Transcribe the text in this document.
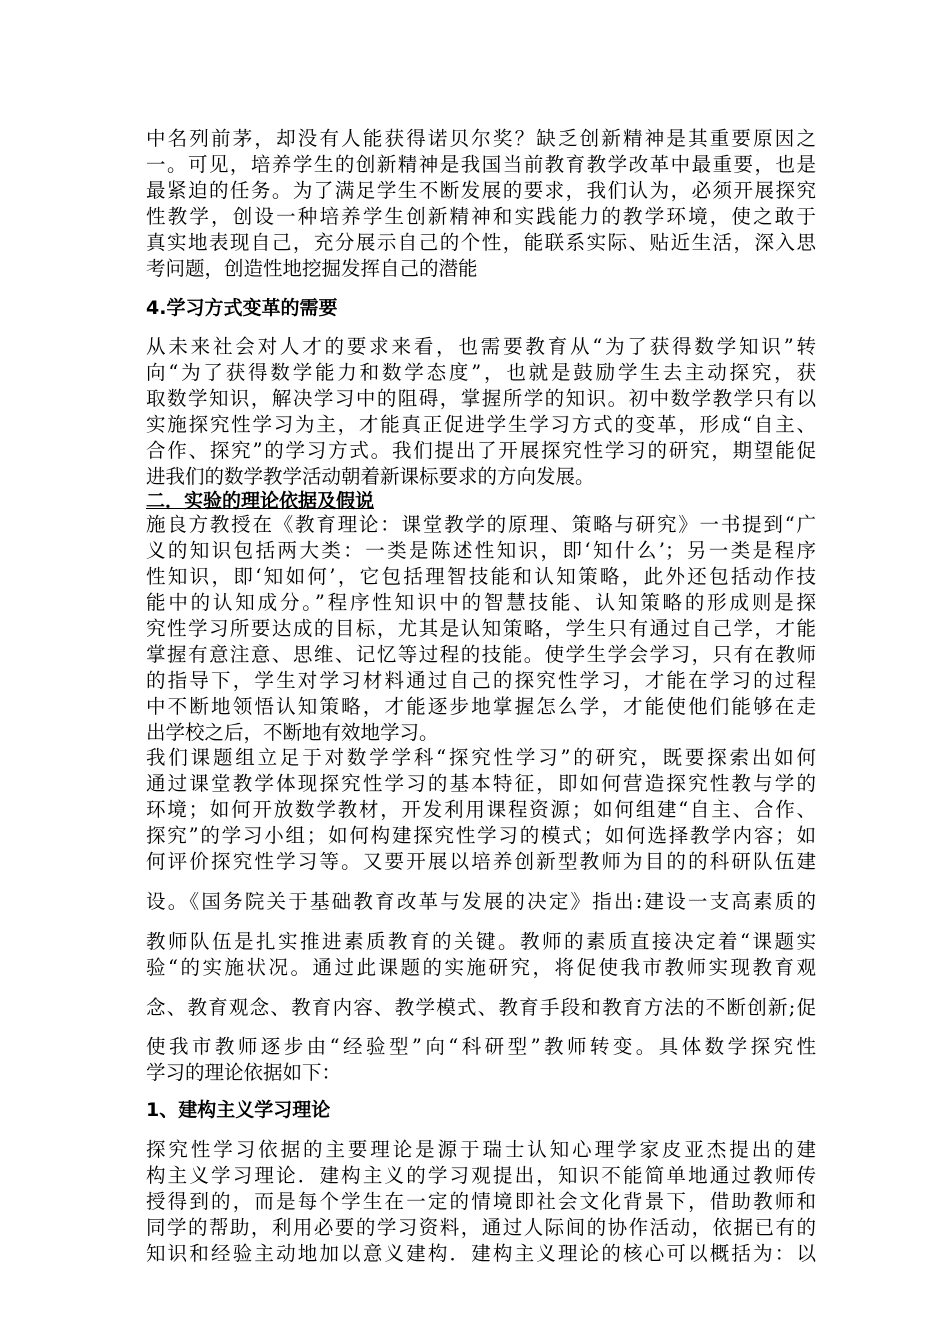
中名列前茅，却没有人能获得诺贝尔奖？缺乏创新精神是其重要原因之
一。可见，培养学生的创新精神是我国当前教育教学改革中最重要，也是
最紧迫的任务。为了满足学生不断发展的要求，我们认为，必须开展探究
性教学，创设一种培养学生创新精神和实践能力的教学环境，使之敢于
真实地表现自己，充分展示自己的个性，能联系实际、贴近生活，深入思
考问题，创造性地挖掘发挥自己的潜能
4.学习方式变革的需要
从未来社会对人才的要求来看，也需要教育从“为了获得数学知识”转
向“为了获得数学能力和数学态度”，也就是鼓励学生去主动探究，获
取数学知识，解决学习中的阻碍，掌握所学的知识。初中数学教学只有以
实施探究性学习为主，才能真正促进学生学习方式的变革，形成“自主、
合作、探究”的学习方式。我们提出了开展探究性学习的研究，期望能促
进我们的数学教学活动朝着新课标要求的方向发展。
二．实验的理论依据及假说
施良方教授在《教育理论：课堂教学的原理、策略与研究》一书提到“广
义的知识包括两大类：一类是陈述性知识，即‘知什么’；另一类是程序
性知识，即‘知如何’，它包括理智技能和认知策略，此外还包括动作技
能中的认知成分。”程序性知识中的智慧技能、认知策略的形成则是探
究性学习所要达成的目标，尤其是认知策略，学生只有通过自己学，才能
掌握有意注意、思维、记忆等过程的技能。使学生学会学习，只有在教师
的指导下，学生对学习材料通过自己的探究性学习，才能在学习的过程
中不断地领悟认知策略，才能逐步地掌握怎么学，才能使他们能够在走
出学校之后，不断地有效地学习。
我们课题组立足于对数学学科“探究性学习”的研究，既要探索出如何
通过课堂教学体现探究性学习的基本特征，即如何营造探究性教与学的
环境；如何开放数学教材，开发利用课程资源；如何组建“自主、合作、
探究”的学习小组；如何构建探究性学习的模式；如何选择教学内容；如
何评价探究性学习等。又要开展以培养创新型教师为目的的科研队伍建
设。《国务院关于基础教育改革与发展的决定》指出:建设一支高素质的
教师队伍是扎实推进素质教育的关键。教师的素质直接决定着“课题实
验“的实施状况。通过此课题的实施研究，将促使我市教师实现教育观
念、教育观念、教育内容、教学模式、教育手段和教育方法的不断创新;促
使我市教师逐步由“经验型”向“科研型”教师转变。具体数学探究性
学习的理论依据如下：
1、建构主义学习理论
探究性学习依据的主要理论是源于瑞士认知心理学家皮亚杰提出的建
构主义学习理论．建构主义的学习观提出，知识不能简单地通过教师传
授得到的，而是每个学生在一定的情境即社会文化背景下，借助教师和
同学的帮助，利用必要的学习资料，通过人际间的协作活动，依据已有的
知识和经验主动地加以意义建构．建构主义理论的核心可以概括为：以
